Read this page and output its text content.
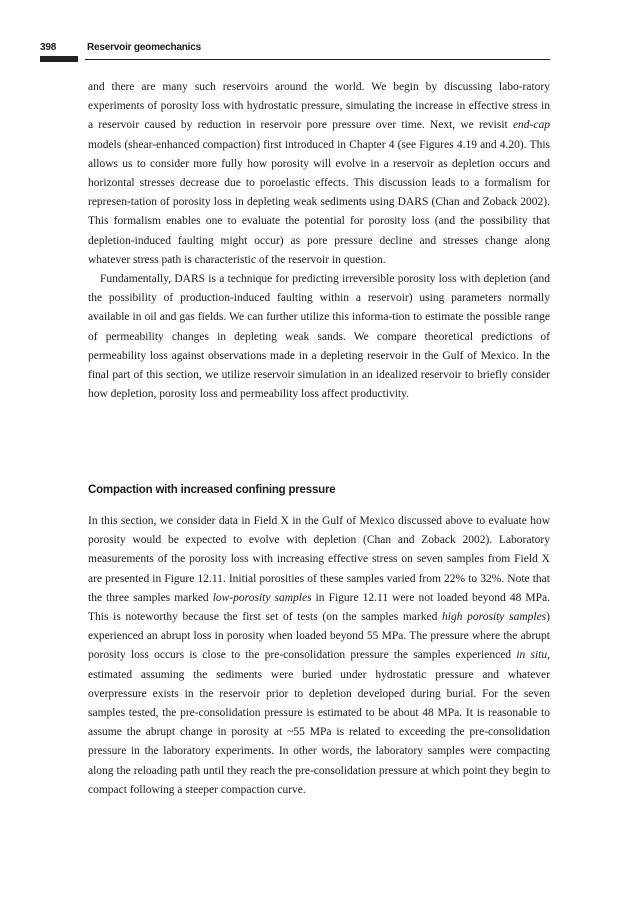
398	Reservoir geomechanics

and there are many such reservoirs around the world. We begin by discussing labo-ratory experiments of porosity loss with hydrostatic pressure, simulating the increase in effective stress in a reservoir caused by reduction in reservoir pore pressure over time. Next, we revisit end-cap models (shear-enhanced compaction) first introduced in Chapter 4 (see Figures 4.19 and 4.20). This allows us to consider more fully how porosity will evolve in a reservoir as depletion occurs and horizontal stresses decrease due to poroelastic effects. This discussion leads to a formalism for represen-tation of porosity loss in depleting weak sediments using DARS (Chan and Zoback 2002). This formalism enables one to evaluate the potential for porosity loss (and the possibility that depletion-induced faulting might occur) as pore pressure decline and stresses change along whatever stress path is characteristic of the reservoir in question.

Fundamentally, DARS is a technique for predicting irreversible porosity loss with depletion (and the possibility of production-induced faulting within a reservoir) using parameters normally available in oil and gas fields. We can further utilize this informa-tion to estimate the possible range of permeability changes in depleting weak sands. We compare theoretical predictions of permeability loss against observations made in a depleting reservoir in the Gulf of Mexico. In the final part of this section, we utilize reservoir simulation in an idealized reservoir to briefly consider how depletion, porosity loss and permeability loss affect productivity.

Compaction with increased confining pressure

In this section, we consider data in Field X in the Gulf of Mexico discussed above to evaluate how porosity would be expected to evolve with depletion (Chan and Zoback 2002). Laboratory measurements of the porosity loss with increasing effective stress on seven samples from Field X are presented in Figure 12.11. Initial porosities of these samples varied from 22% to 32%. Note that the three samples marked low-porosity samples in Figure 12.11 were not loaded beyond 48 MPa. This is noteworthy because the first set of tests (on the samples marked high porosity samples) experienced an abrupt loss in porosity when loaded beyond 55 MPa. The pressure where the abrupt porosity loss occurs is close to the pre-consolidation pressure the samples experienced in situ, estimated assuming the sediments were buried under hydrostatic pressure and whatever overpressure exists in the reservoir prior to depletion developed during burial. For the seven samples tested, the pre-consolidation pressure is estimated to be about 48 MPa. It is reasonable to assume the abrupt change in porosity at ~55 MPa is related to exceeding the pre-consolidation pressure in the laboratory experiments. In other words, the laboratory samples were compacting along the reloading path until they reach the pre-consolidation pressure at which point they begin to compact following a steeper compaction curve.
